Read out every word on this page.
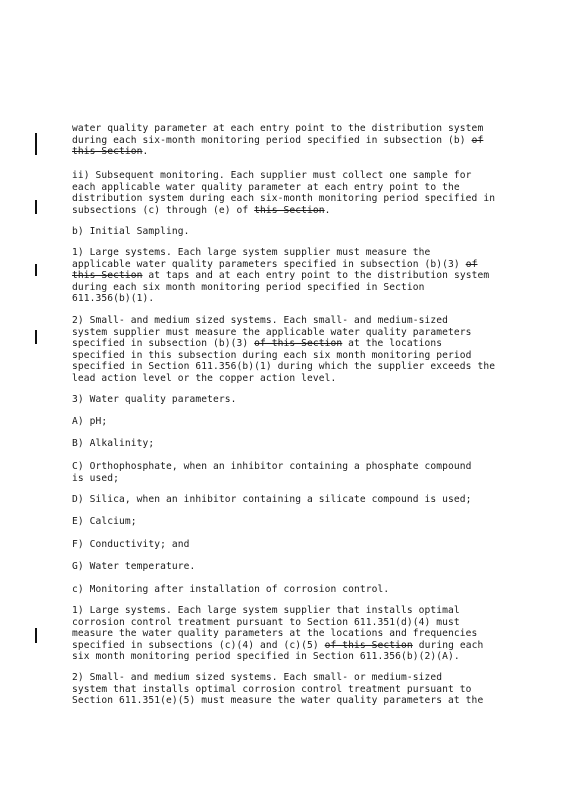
water quality parameter at each entry point to the distribution system
during each six-month monitoring period specified in subsection (b) of
this Section.
ii) Subsequent monitoring. Each supplier must collect one sample for
each applicable water quality parameter at each entry point to the
distribution system during each six-month monitoring period specified in
subsections (c) through (e) of this Section.
b) Initial Sampling.
1) Large systems. Each large system supplier must measure the
applicable water quality parameters specified in subsection (b)(3) of
this Section at taps and at each entry point to the distribution system
during each six month monitoring period specified in Section
611.356(b)(1).
2) Small- and medium sized systems. Each small- and medium-sized
system supplier must measure the applicable water quality parameters
specified in subsection (b)(3) of this Section at the locations
specified in this subsection during each six month monitoring period
specified in Section 611.356(b)(1) during which the supplier exceeds the
lead action level or the copper action level.
3) Water quality parameters.
A) pH;
B) Alkalinity;
C) Orthophosphate, when an inhibitor containing a phosphate compound
is used;
D) Silica, when an inhibitor containing a silicate compound is used;
E) Calcium;
F) Conductivity; and
G) Water temperature.
c) Monitoring after installation of corrosion control.
1) Large systems. Each large system supplier that installs optimal
corrosion control treatment pursuant to Section 611.351(d)(4) must
measure the water quality parameters at the locations and frequencies
specified in subsections (c)(4) and (c)(5) of this Section during each
six month monitoring period specified in Section 611.356(b)(2)(A).
2) Small- and medium sized systems. Each small- or medium-sized
system that installs optimal corrosion control treatment pursuant to
Section 611.351(e)(5) must measure the water quality parameters at the
